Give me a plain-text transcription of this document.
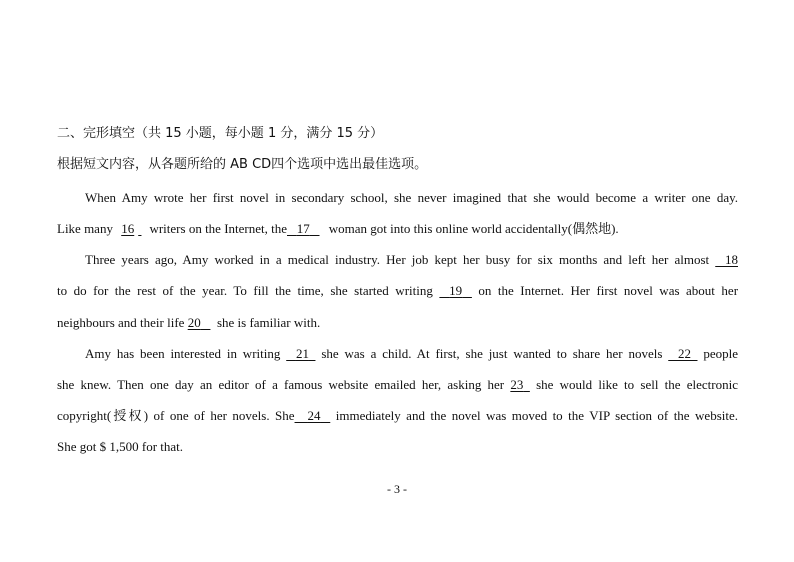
二、完形填空（共 15 小题，每小题 1 分，满分 15 分）
根据短文内容，从各题所给的 AB CD四个选项中选出最佳选项。
When Amy wrote her first novel in secondary school, she never imagined that she would become a writer one day.
Like many 16 writers on the Internet, the 17 woman got into this online world accidentally(偶然地).
Three years ago, Amy worked in a medical industry. Her job kept her busy for six months and left her almost 18
to do for the rest of the year. To fill the time, she started writing 19 on the Internet. Her first novel was about her
neighbours and their life 20 she is familiar with.
Amy has been interested in writing 21 she was a child. At first, she just wanted to share her novels 22 people
she knew. Then one day an editor of a famous website emailed her, asking her 23 she would like to sell the electronic
copyright(授权) of one of her novels. She 24 immediately and the novel was moved to the VIP section of the website.
She got $ 1,500 for that.
- 3 -
